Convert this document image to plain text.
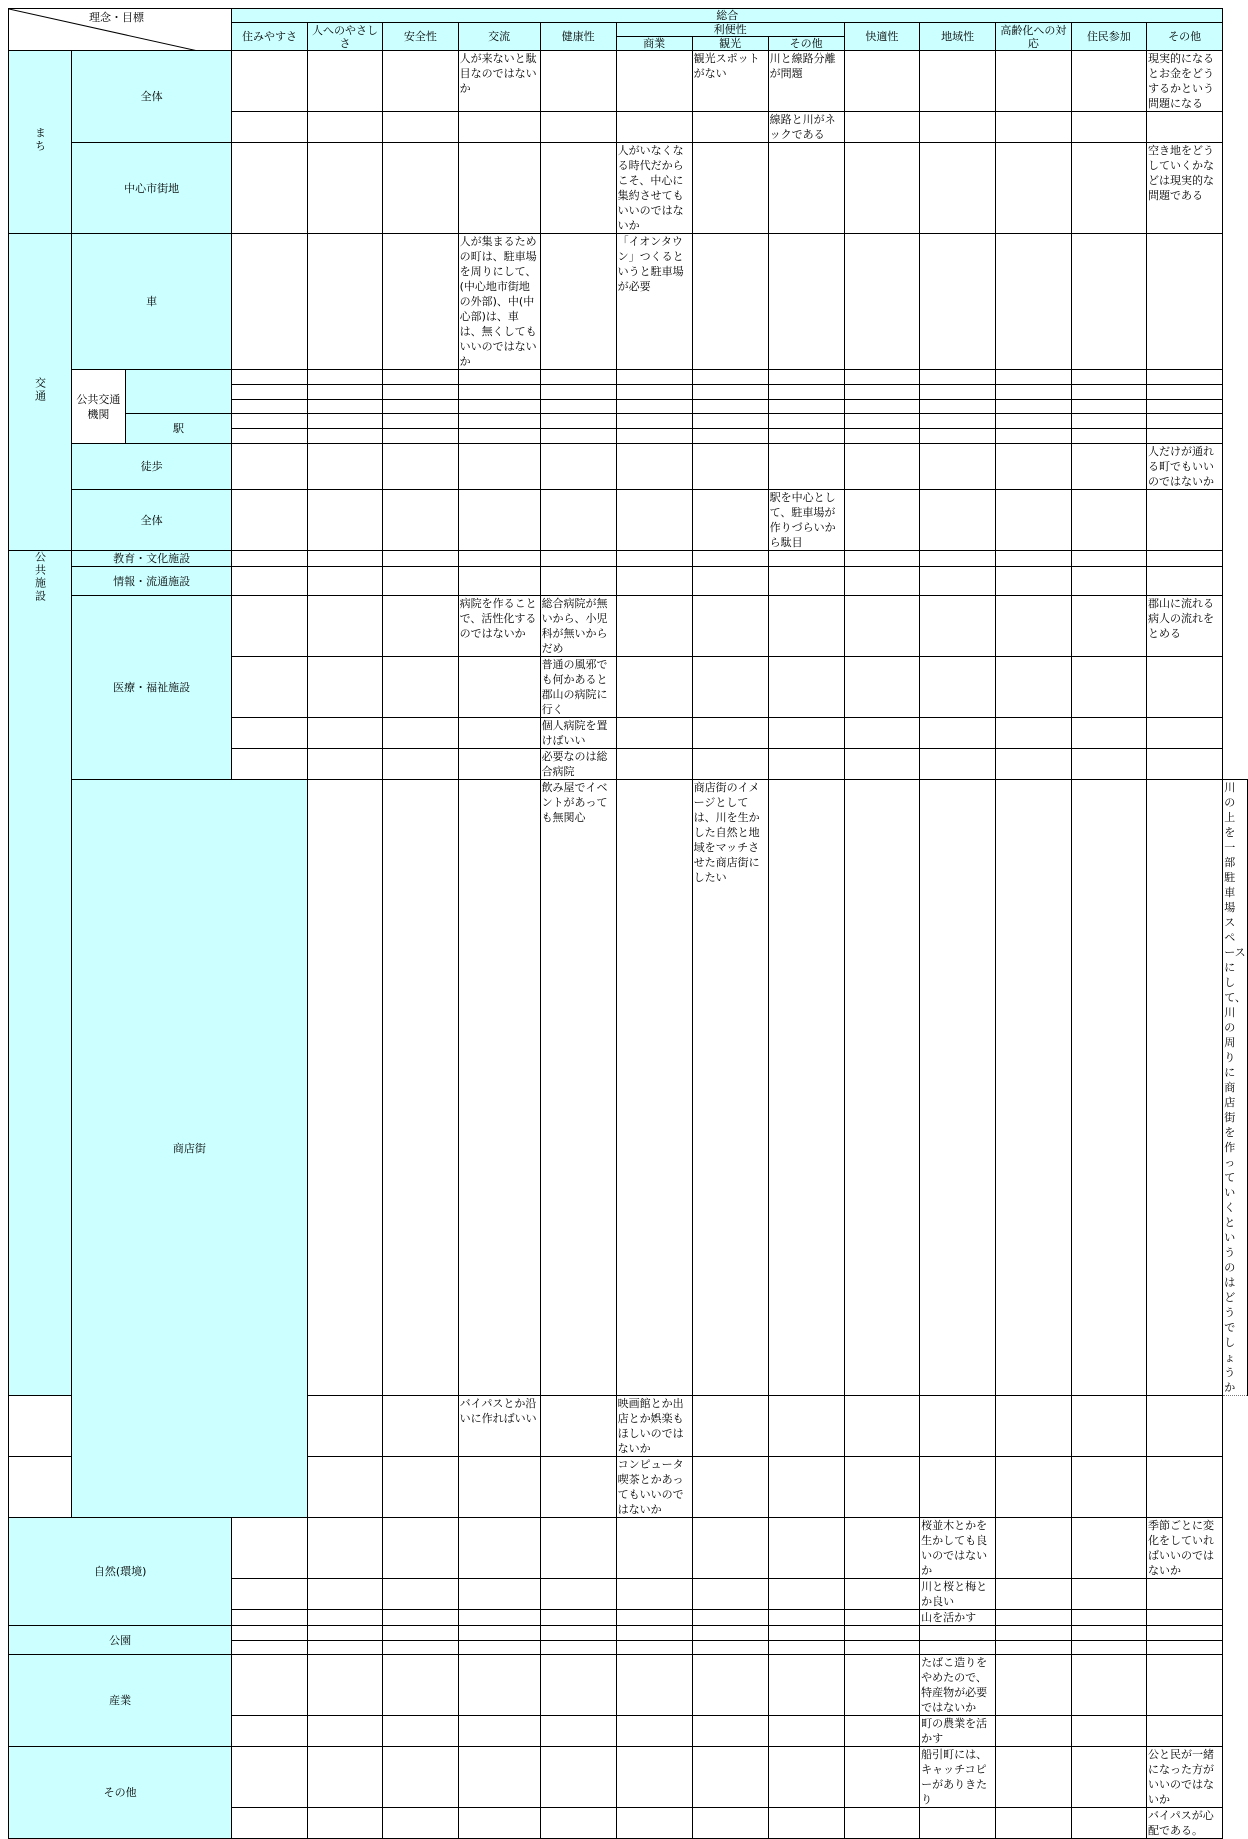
理念・目標			総合													
			住みやすさ	人へのやさしさ	安全性	交流	健康性	利便性			快適性	地域性	高齢化への対応	住民参加	その他	
								商業	観光	その他						
まち	全体					人が来ないと駄目なのではないか			観光スポットがない	川と線路分離が問題					現実的になるとお金をどうするかという問題になる	
										線路と川がネックである						
	中心市街地							人がいなくなる時代だからこそ、中心に集約させてもいいのではないか							空き地をどうしていくかなどは現実的な問題である	
交通	車					人が集まるための町は、駐車場を周りにして、(中心地市街地の外部)、中(中心部)は、車は、無くしてもいいのではないか		「イオンタウン」つくるというと駐車場が必要								
	公共交通機関															

		駅														

	徒歩														人だけが通れる町でもいいのではないか	
	全体									駅を中心として、駐車場が作りづらいから駄目						
公共施設	教育・文化施設															
	情報・流通施設															
	医療・福祉施設					病院を作ることで、活性化するのではないか	総合病院が無いから、小児科が無いからだめ								郡山に流れる病人の流れをとめる	
							普通の風邪でも何かあると郡山の病院に行く									
							個人病院を置けばいい									
							必要なのは総合病院									
	商店街						飲み屋でイベントがあっても無関心		商店街のイメージとしては、川を生かした自然と地域をマッチさせた商店街にしたい							川の上を一部駐車場スペースにして、川の周りに商店街を作っていくというのはどうでしょうか
						バイパスとか沿いに作ればいい		映画館とか出店とか娯楽もほしいのではないか								
								コンピュータ喫茶とかあってもいいのではないか								
自然(環境)												桜並木とかを生かしても良いのではないか			季節ごとに変化をしていればいいのではないか	
												川と桜と梅とか良い				
												山を活かす				
公園																

産業												たばこ造りをやめたので、特産物が必要ではないか				
												町の農業を活かす				
その他												船引町には、キャッチコピーがありきたり			公と民が一緒になった方がいいのではないか	
															バイパスが心配である。	
